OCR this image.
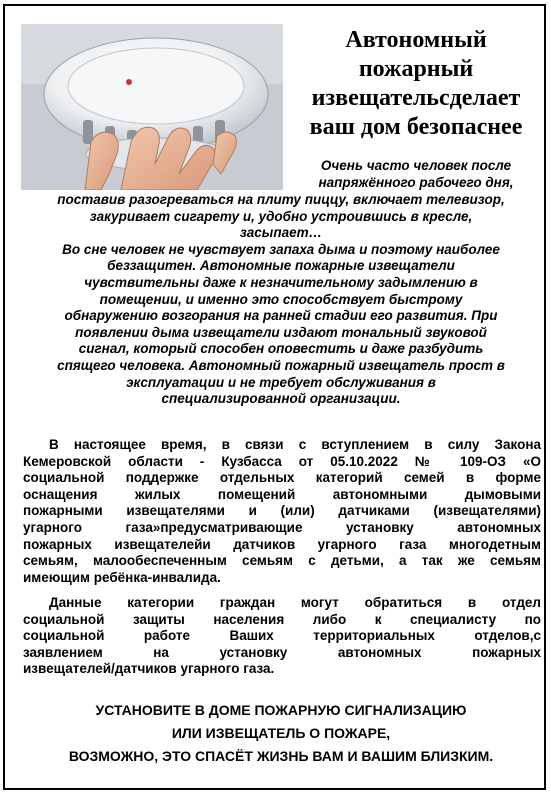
Автономный
пожарный
извещательсделает
ваш дом безопаснее

Очень часто человек после
напряжённого рабочего дня,

поставив разогреваться на плиту пиццу, включает телевизор,
закуривает сигарету и, удобно устроившись в кресле,
засыпает…
Во сне человек не чувствует запаха дыма и поэтому наиболее
беззащитен. Автономные пожарные извещатели
чувствительны даже к незначительному задымлению в
помещении, и именно это способствует быстрому
обнаружению возгорания на ранней стадии его развития. При
появлении дыма извещатели издают тональный звуковой
сигнал, который способен оповестить и даже разбудить
спящего человека. Автономный пожарный извещатель прост в
эксплуатации и не требует обслуживания в
специализированной организации.

В настоящее время, в связи с вступлением в силу Закона
Кемеровской области - Кузбасса от 05.10.2022 № 109-ОЗ «О
социальной поддержке отдельных категорий семей в форме
оснащения жилых помещений автономными дымовыми
пожарными извещателями и (или) датчиками (извещателями)
угарного газа»предусматривающие установку автономных
пожарных извещателейи датчиков угарного газа многодетным
семьям, малообеспеченным семьям с детьми, а так же семьям
имеющим ребёнка-инвалида.

Данные категории граждан могут обратиться в отдел
социальной защиты населения либо к специалисту по
социальной работе Ваших территориальных отделов,с
заявлением на установку автономных пожарных
извещателей/датчиков угарного газа.

УСТАНОВИТЕ В ДОМЕ ПОЖАРНУЮ СИГНАЛИЗАЦИЮ
ИЛИ ИЗВЕЩАТЕЛЬ О ПОЖАРЕ,
ВОЗМОЖНО, ЭТО СПАСЁТ ЖИЗНЬ ВАМ И ВАШИМ БЛИЗКИМ.
